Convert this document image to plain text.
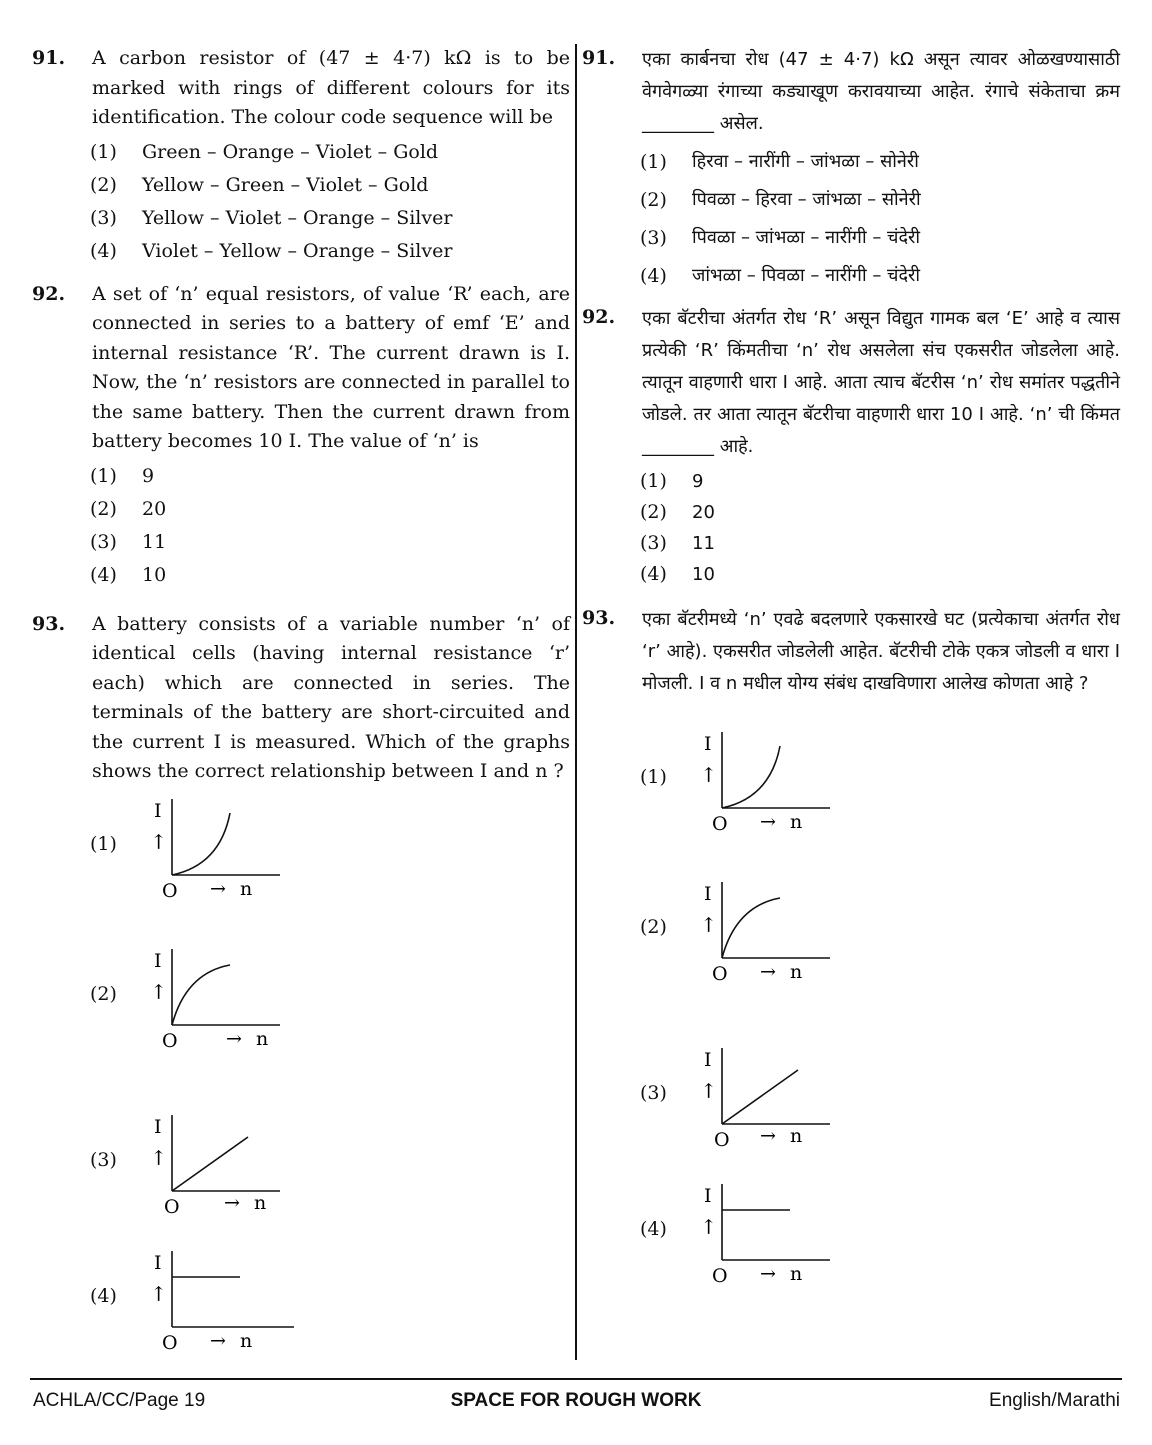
91.	A carbon resistor of (47 ± 4·7) kΩ is to be marked with rings of different colours for its identification. The colour code sequence will be
(1)	Green – Orange – Violet – Gold
(2)	Yellow – Green – Violet – Gold
(3)	Yellow – Violet – Orange – Silver
(4)	Violet – Yellow – Orange – Silver
92.	A set of ‘n’ equal resistors, of value ‘R’ each, are connected in series to a battery of emf ‘E’ and internal resistance ‘R’. The current drawn is I. Now, the ‘n’ resistors are connected in parallel to the same battery. Then the current drawn from battery becomes 10 I. The value of ‘n’ is
(1)	9
(2)	20
(3)	11
(4)	10
93.	A battery consists of a variable number ‘n’ of identical cells (having internal resistance ‘r’ each) which are connected in series. The terminals of the battery are short-circuited and the current I is measured. Which of the graphs shows the correct relationship between I and n ?
(1)
I
→
O → n
(2)
I
→
O	→ n
(3)
I
→
O → n
(4)
I
→
O → n
91.	एका कार्बनचा रोध (47 ± 4·7) kΩ असून त्यावर ओळखण्यासाठी वेगवेगळ्या रंगाच्या कड्याखूण करावयाच्या आहेत. रंगाचे संकेताचा क्रम ________ असेल.
(1)	हिरवा – नारींगी – जांभळा – सोनेरी
(2)	पिवळा – हिरवा – जांभळा – सोनेरी
(3)	पिवळा – जांभळा – नारींगी – चंदेरी
(4)	जांभळा – पिवळा – नारींगी – चंदेरी
92.	एका बॅटरीचा अंतर्गत रोध ‘R’ असून विद्युत गामक बल ‘E’ आहे व त्यास प्रत्येकी ‘R’ किंमतीचा ‘n’ रोध असलेला संच एकसरीत जोडलेला आहे. त्यातून वाहणारी धारा I आहे. आता त्याच बॅटरीस ‘n’ रोध समांतर पद्धतीने जोडले. तर आता त्यातून बॅटरीचा वाहणारी धारा 10 I आहे. ‘n’ ची किंमत ________ आहे.
(1)	9
(2)	20
(3)	11
(4)	10
93.	एका बॅटरीमध्ये ‘n’ एवढे बदलणारे एकसारखे घट (प्रत्येकाचा अंतर्गत रोध ‘r’ आहे). एकसरीत जोडलेली आहेत. बॅटरीची टोके एकत्र जोडली व धारा I मोजली. I व n मधील योग्य संबंध दाखविणारा आलेख कोणता आहे ?
(1)
I
→
O → n
(2)
I
→
O → n
(3)
I
→
O → n
(4)
I
→
O → n
ACHLA/CC/Page 19	SPACE FOR ROUGH WORK	English/Marathi
